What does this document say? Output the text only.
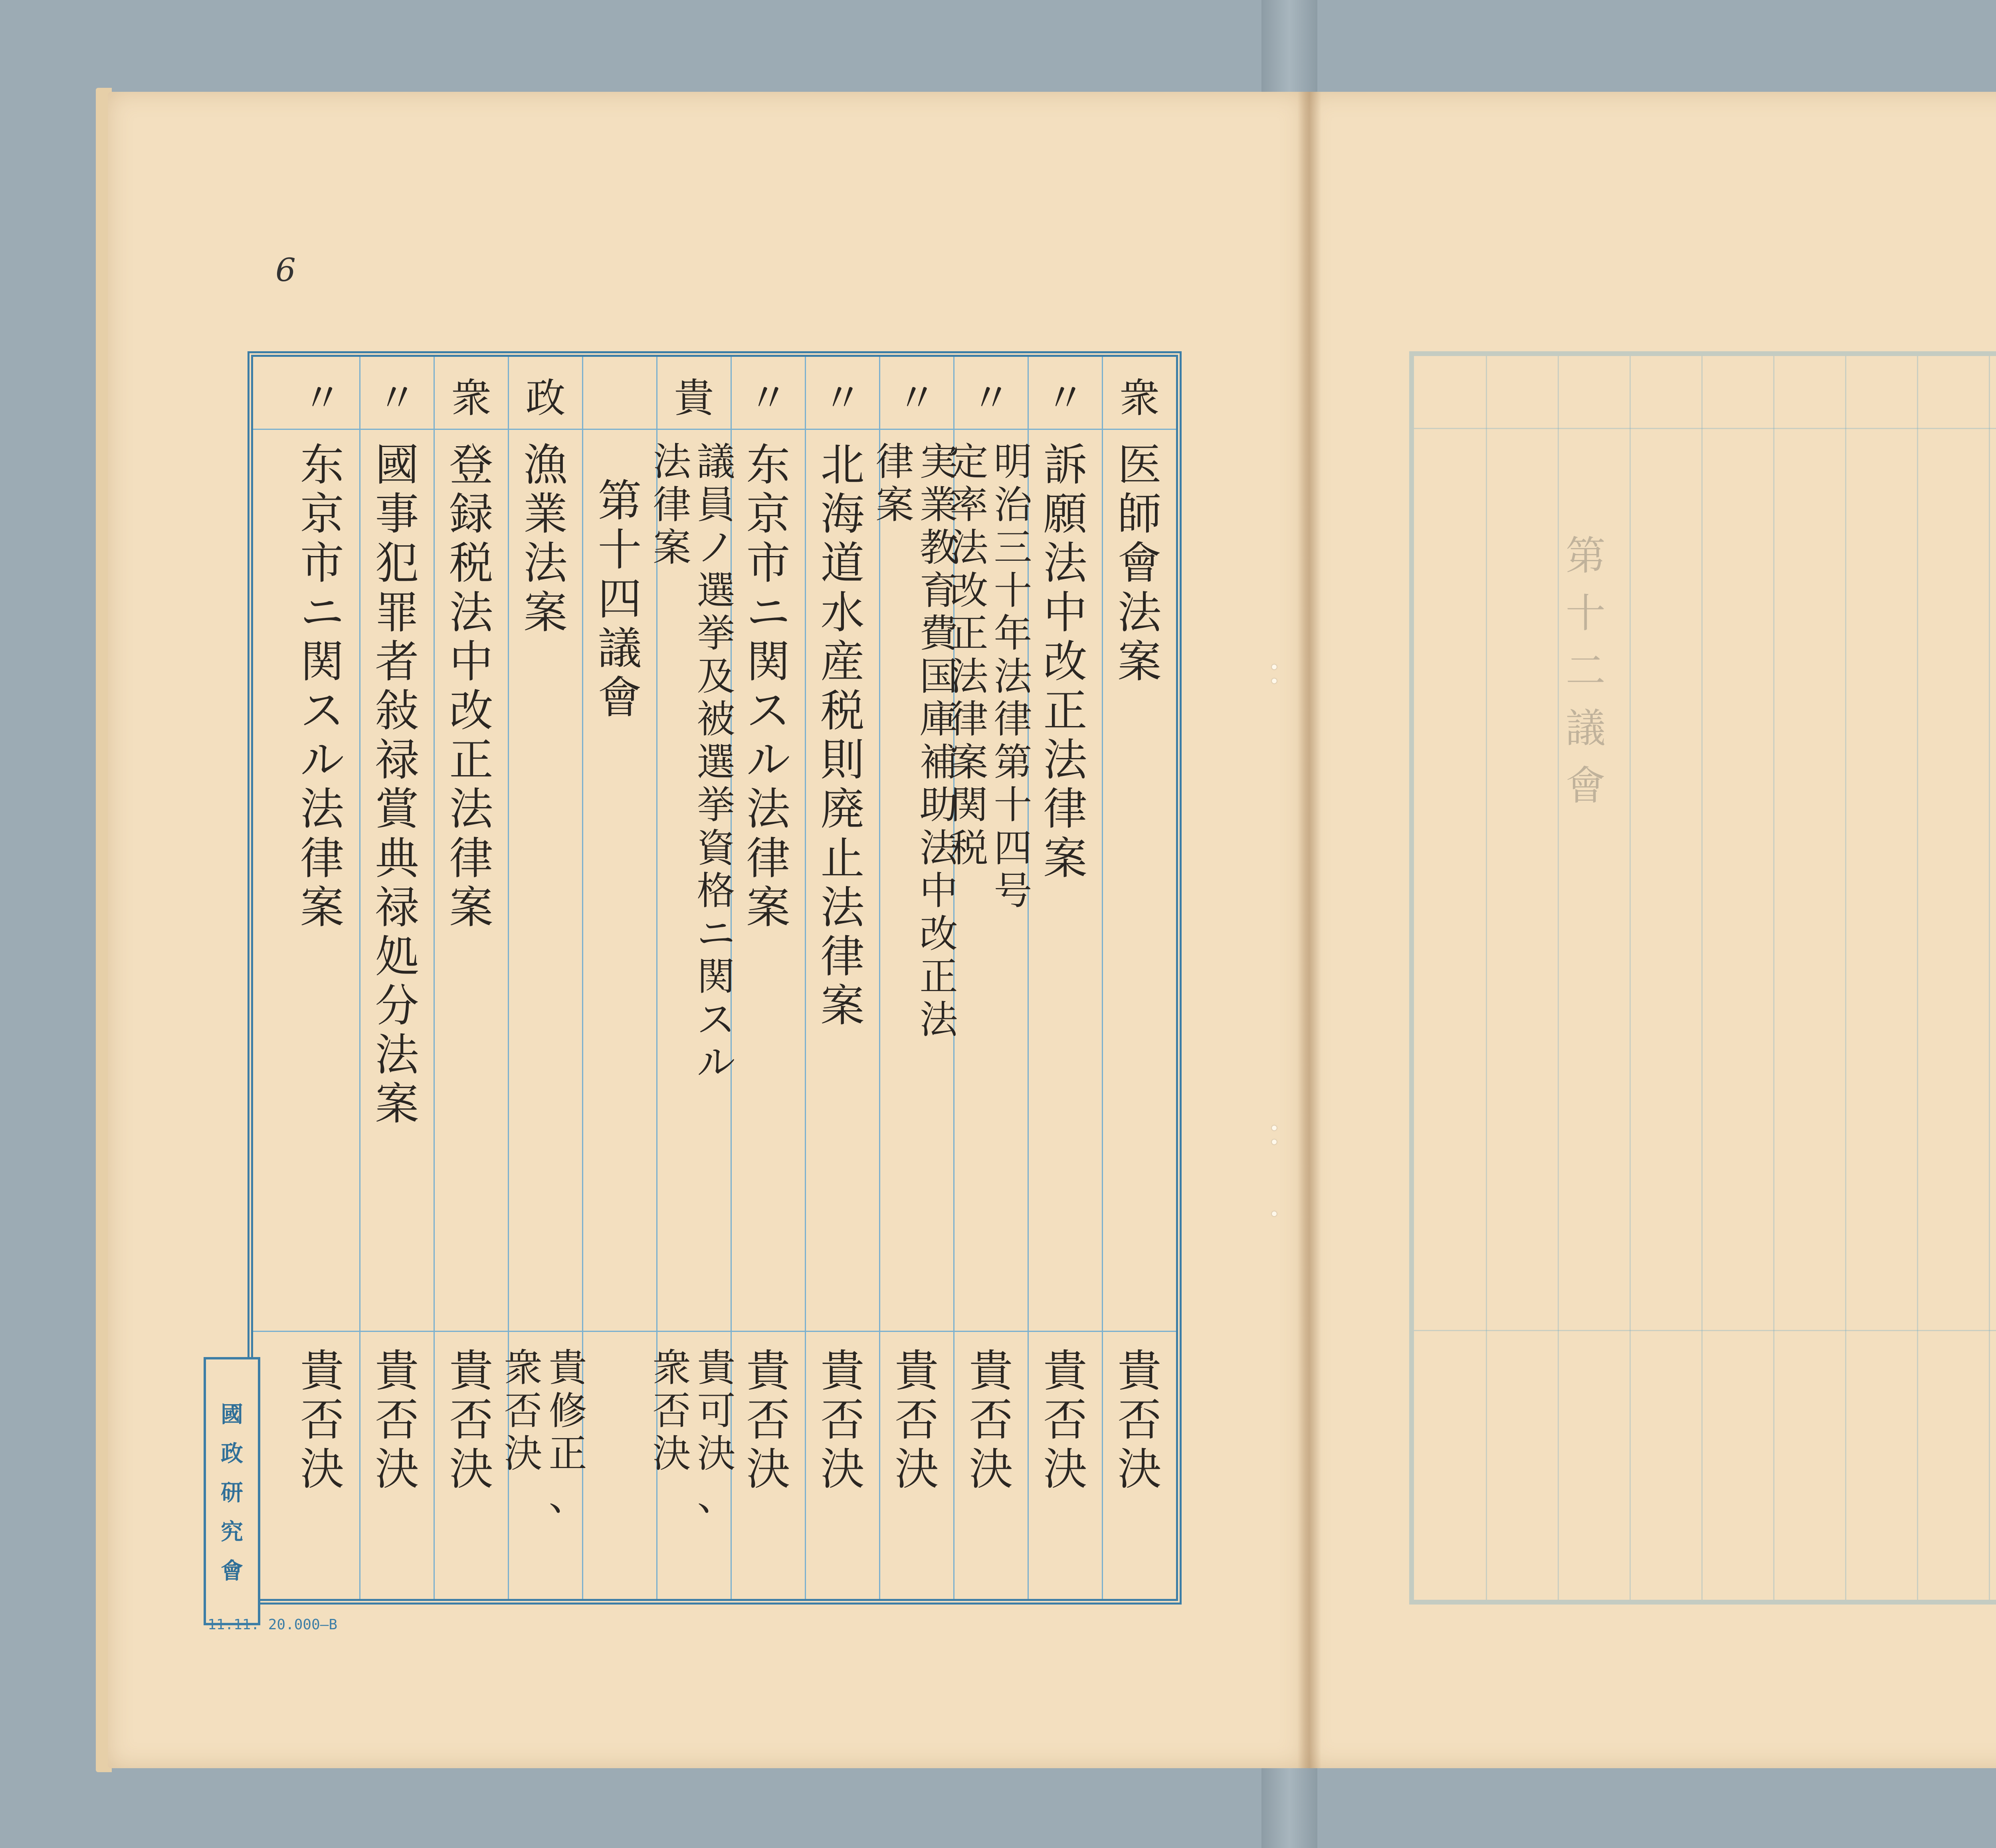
6
衆
医
師
會
法
案
貴
否
決
〃
訴
願
法
中
改
正
法
律
案
貴
否
決
〃
明
治
三
十
年
法
律
第
十
四
号
定
率
法
改
正
法
律
案
関
税
貴
否
決
〃
実
業
教
育
費
国
庫
補
助
法
中
改
正
法
律
案
貴
否
決
〃
北
海
道
水
産
税
則
廃
止
法
律
案
貴
否
決
〃
东
京
市
ニ
関
ス
ル
法
律
案
貴
否
決
貴
議
員
ノ
選
挙
及
被
選
挙
資
格
ニ
関
ス
ル
法
律
案
貴
可
決
、
衆
否
決
第
十
四
議
會
政
漁
業
法
案
貴
修
正
、
衆
否
決
衆
登
録
税
法
中
改
正
法
律
案
貴
否
決
〃
國
事
犯
罪
者
敍
禄
賞
典
禄
処
分
法
案
貴
否
決
〃
东
京
市
ニ
関
ス
ル
法
律
案
貴
否
決
國
政
研
究
會
11.11. 20.000—B
第
十
二
議
會
